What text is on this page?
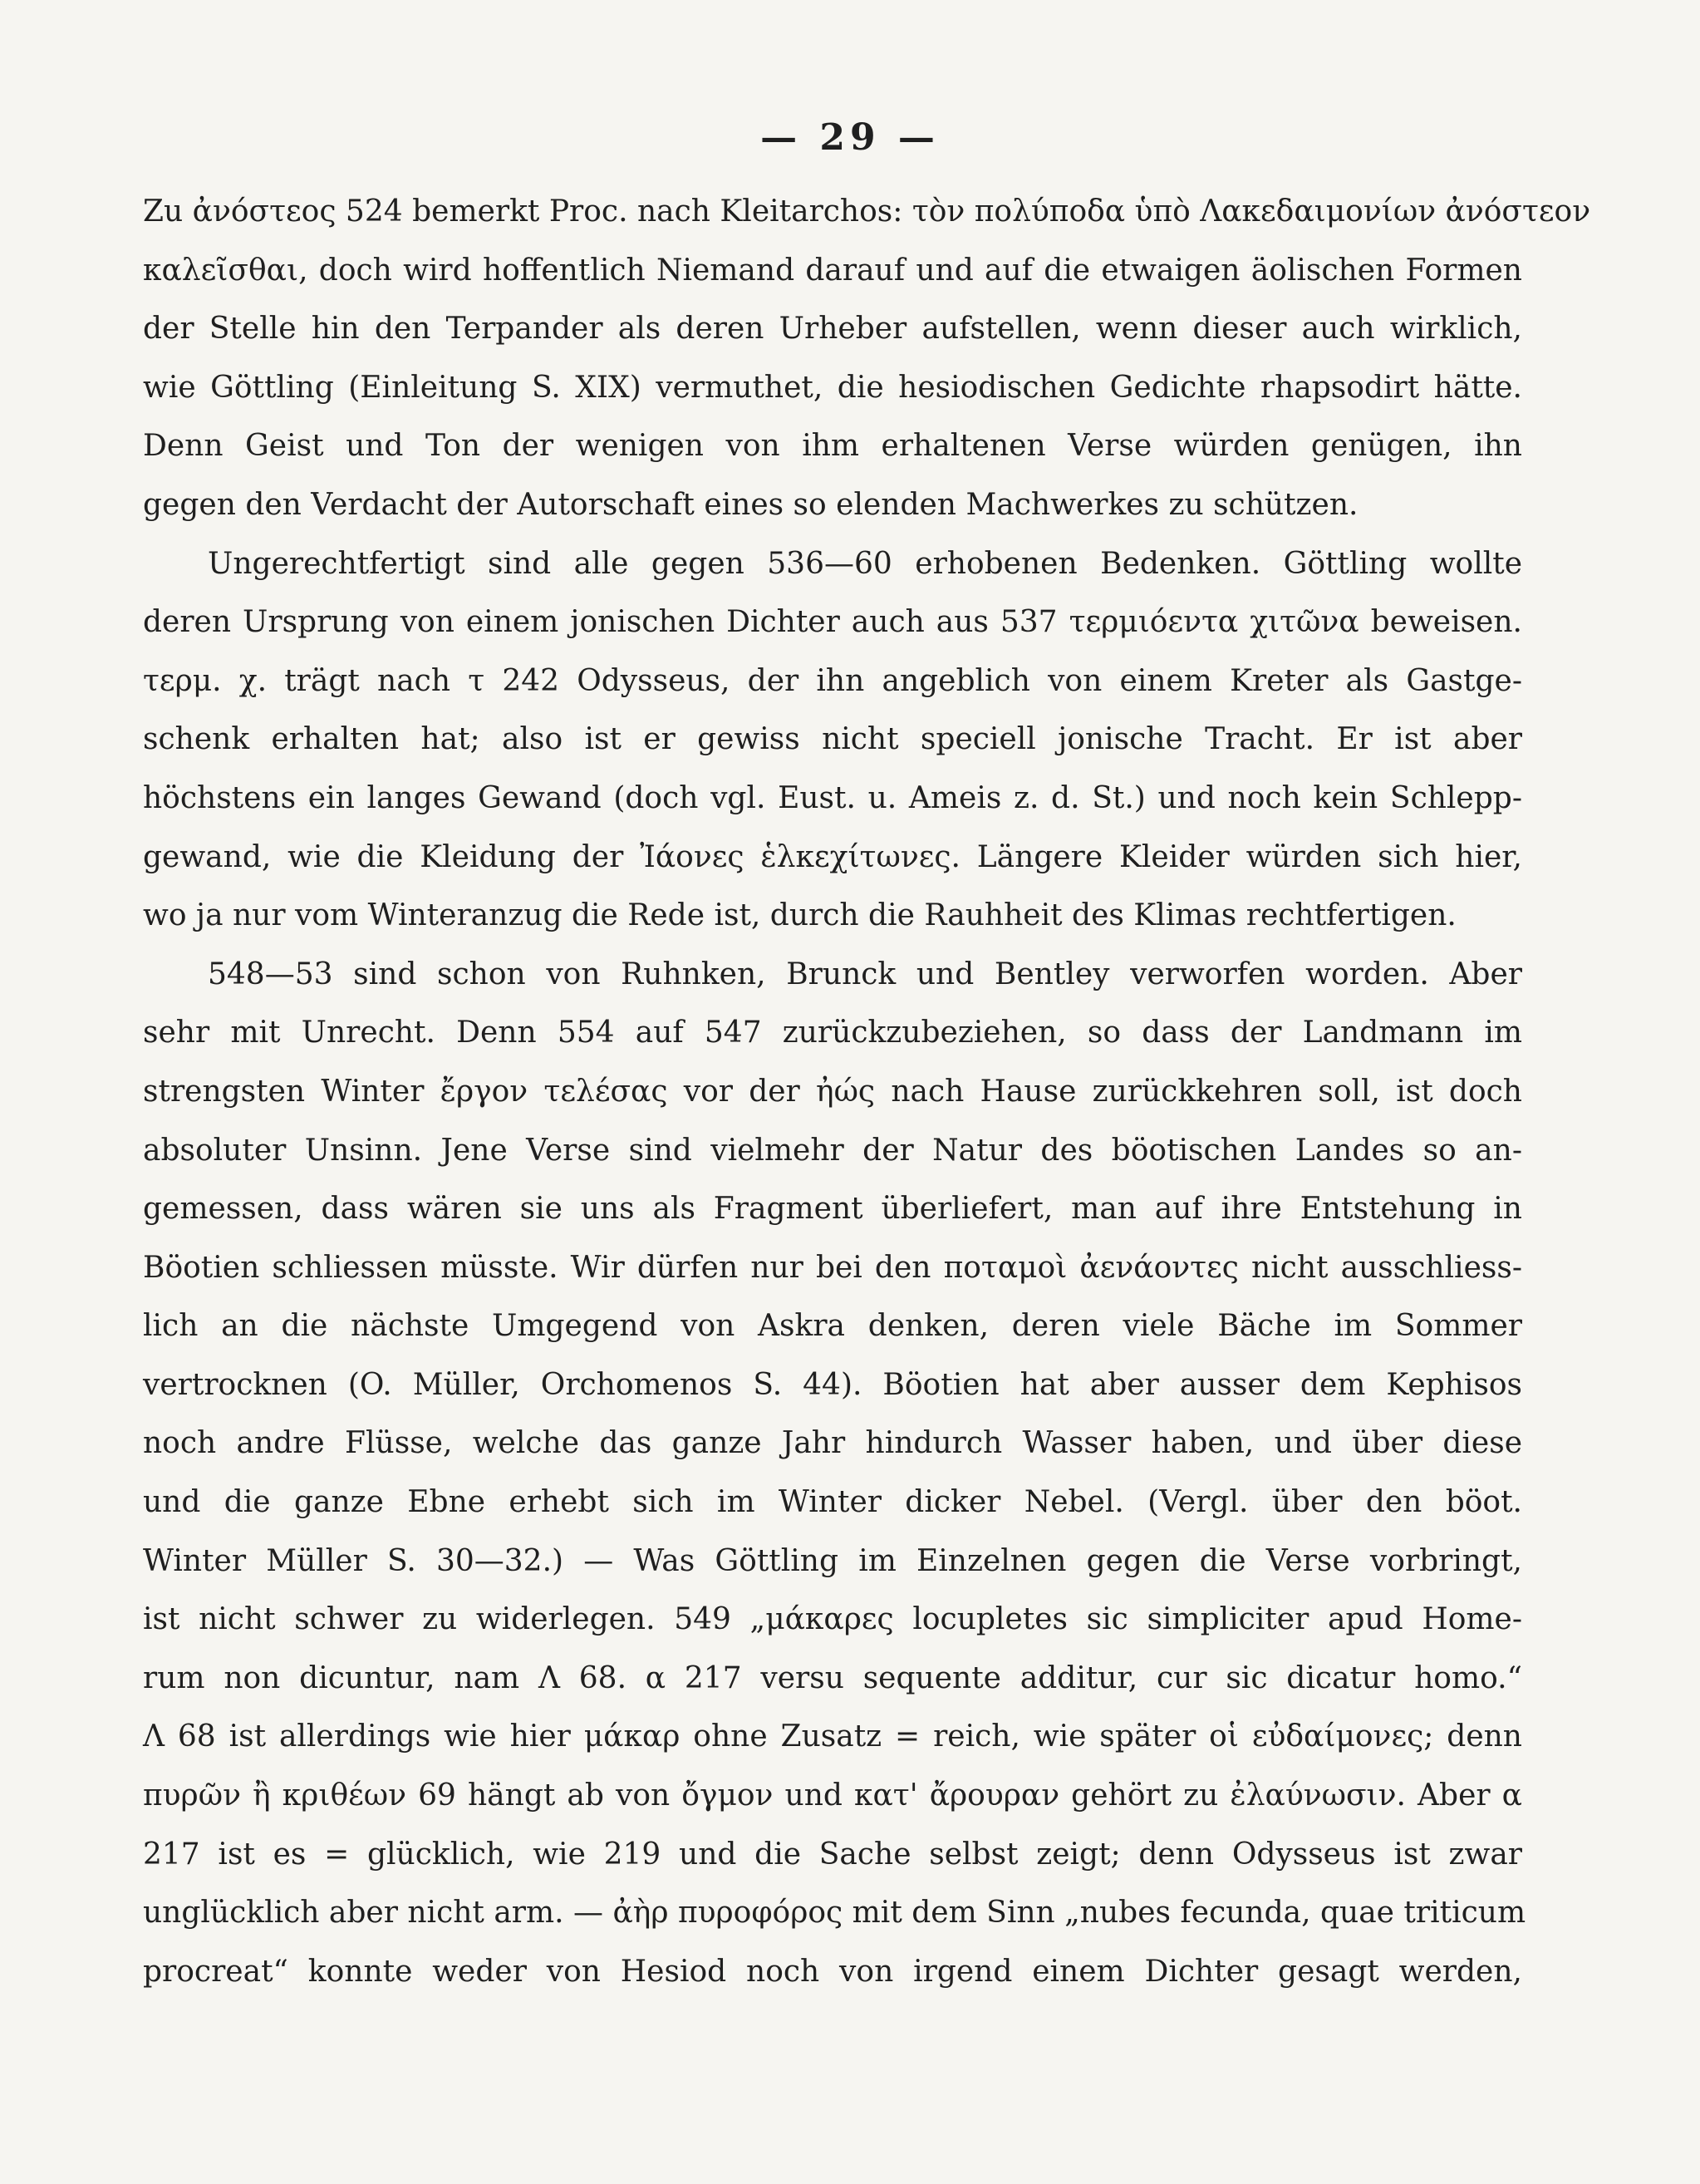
— 29 —
Zu ἀνόστεος 524 bemerkt Proc. nach Kleitarchos: τὸν πολύποδα ὑπὸ Λακεδαιμονίων ἀνόστεον
καλεῖσθαι, doch wird hoffentlich Niemand darauf und auf die etwaigen äolischen Formen
der Stelle hin den Terpander als deren Urheber aufstellen, wenn dieser auch wirklich,
wie Göttling (Einleitung S. XIX) vermuthet, die hesiodischen Gedichte rhapsodirt hätte.
Denn Geist und Ton der wenigen von ihm erhaltenen Verse würden genügen, ihn
gegen den Verdacht der Autorschaft eines so elenden Machwerkes zu schützen.
Ungerechtfertigt sind alle gegen 536—60 erhobenen Bedenken. Göttling wollte
deren Ursprung von einem jonischen Dichter auch aus 537 τερμιόεντα χιτῶνα beweisen.
τερμ. χ. trägt nach τ 242 Odysseus, der ihn angeblich von einem Kreter als Gastge-
schenk erhalten hat; also ist er gewiss nicht speciell jonische Tracht. Er ist aber
höchstens ein langes Gewand (doch vgl. Eust. u. Ameis z. d. St.) und noch kein Schlepp-
gewand, wie die Kleidung der Ἰάονες ἑλκεχίτωνες. Längere Kleider würden sich hier,
wo ja nur vom Winteranzug die Rede ist, durch die Rauhheit des Klimas rechtfertigen.
548—53 sind schon von Ruhnken, Brunck und Bentley verworfen worden. Aber
sehr mit Unrecht. Denn 554 auf 547 zurückzubeziehen, so dass der Landmann im
strengsten Winter ἔργον τελέσας vor der ἠώς nach Hause zurückkehren soll, ist doch
absoluter Unsinn. Jene Verse sind vielmehr der Natur des böotischen Landes so an-
gemessen, dass wären sie uns als Fragment überliefert, man auf ihre Entstehung in
Böotien schliessen müsste. Wir dürfen nur bei den ποταμοὶ ἀενάοντες nicht ausschliess-
lich an die nächste Umgegend von Askra denken, deren viele Bäche im Sommer
vertrocknen (O. Müller, Orchomenos S. 44). Böotien hat aber ausser dem Kephisos
noch andre Flüsse, welche das ganze Jahr hindurch Wasser haben, und über diese
und die ganze Ebne erhebt sich im Winter dicker Nebel. (Vergl. über den böot.
Winter Müller S. 30—32.) — Was Göttling im Einzelnen gegen die Verse vorbringt,
ist nicht schwer zu widerlegen. 549 „μάκαρες locupletes sic simpliciter apud Home-
rum non dicuntur, nam Λ 68. α 217 versu sequente additur, cur sic dicatur homo.“
Λ 68 ist allerdings wie hier μάκαρ ohne Zusatz = reich, wie später οἱ εὐδαίμονες; denn
πυρῶν ἢ κριθέων 69 hängt ab von ὄγμον und κατ' ἄρουραν gehört zu ἐλαύνωσιν. Aber α
217 ist es = glücklich, wie 219 und die Sache selbst zeigt; denn Odysseus ist zwar
unglücklich aber nicht arm. — ἀὴρ πυροφόρος mit dem Sinn „nubes fecunda, quae triticum
procreat“ konnte weder von Hesiod noch von irgend einem Dichter gesagt werden,
